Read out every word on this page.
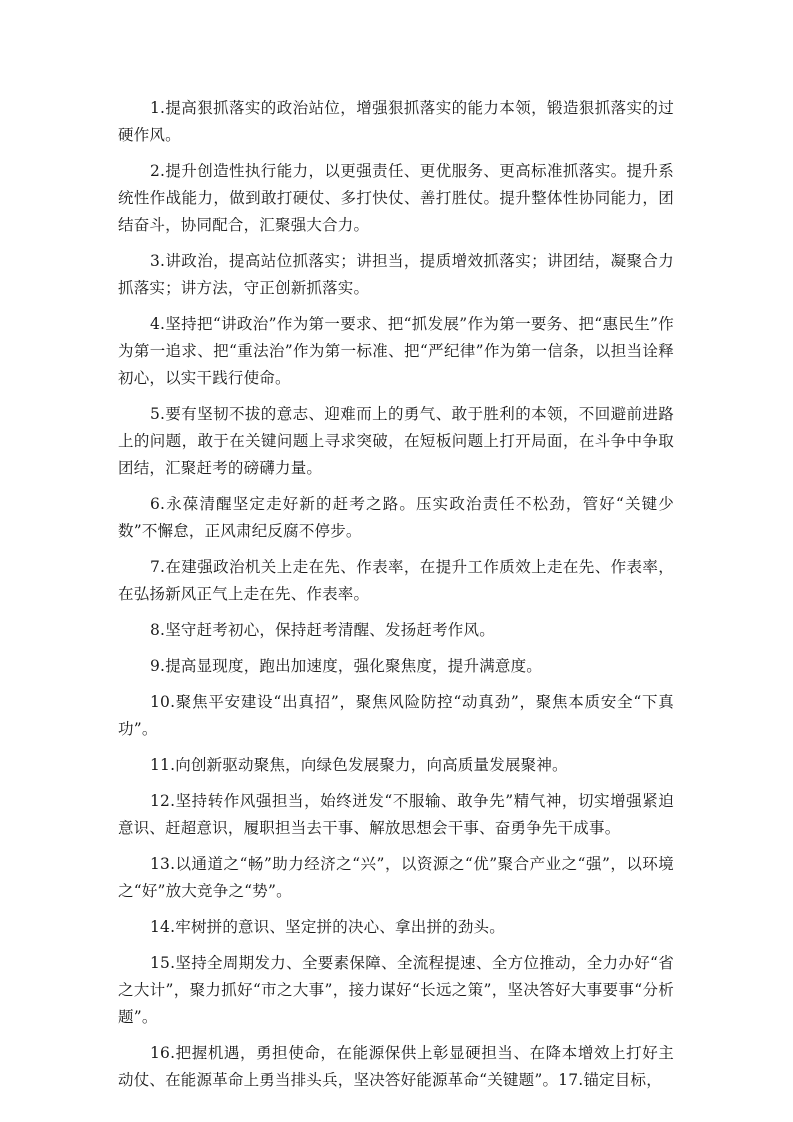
1.提高狠抓落实的政治站位，增强狠抓落实的能力本领，锻造狠抓落实的过硬作风。

2.提升创造性执行能力，以更强责任、更优服务、更高标准抓落实。提升系统性作战能力，做到敢打硬仗、多打快仗、善打胜仗。提升整体性协同能力，团结奋斗，协同配合，汇聚强大合力。

3.讲政治，提高站位抓落实；讲担当，提质增效抓落实；讲团结，凝聚合力抓落实；讲方法，守正创新抓落实。

4.坚持把“讲政治”作为第一要求、把“抓发展”作为第一要务、把“惠民生”作为第一追求、把“重法治”作为第一标准、把“严纪律”作为第一信条，以担当诠释初心，以实干践行使命。

5.要有坚韧不拔的意志、迎难而上的勇气、敢于胜利的本领，不回避前进路上的问题，敢于在关键问题上寻求突破，在短板问题上打开局面，在斗争中争取团结，汇聚赶考的磅礴力量。

6.永葆清醒坚定走好新的赶考之路。压实政治责任不松劲，管好“关键少数”不懈怠，正风肃纪反腐不停步。

7.在建强政治机关上走在先、作表率，在提升工作质效上走在先、作表率，在弘扬新风正气上走在先、作表率。

8.坚守赶考初心，保持赶考清醒、发扬赶考作风。

9.提高显现度，跑出加速度，强化聚焦度，提升满意度。

10.聚焦平安建设“出真招”，聚焦风险防控“动真劲”，聚焦本质安全“下真功”。

11.向创新驱动聚焦，向绿色发展聚力，向高质量发展聚神。

12.坚持转作风强担当，始终迸发“不服输、敢争先”精气神，切实增强紧迫意识、赶超意识，履职担当去干事、解放思想会干事、奋勇争先干成事。

13.以通道之“畅”助力经济之“兴”，以资源之“优”聚合产业之“强”，以环境之“好”放大竞争之“势”。

14.牢树拼的意识、坚定拼的决心、拿出拼的劲头。

15.坚持全周期发力、全要素保障、全流程提速、全方位推动，全力办好“省之大计”，聚力抓好“市之大事”，接力谋好“长远之策”，坚决答好大事要事“分析题”。

16.把握机遇，勇担使命，在能源保供上彰显硬担当、在降本增效上打好主动仗、在能源革命上勇当排头兵，坚决答好能源革命“关键题”。17.锚定目标，
